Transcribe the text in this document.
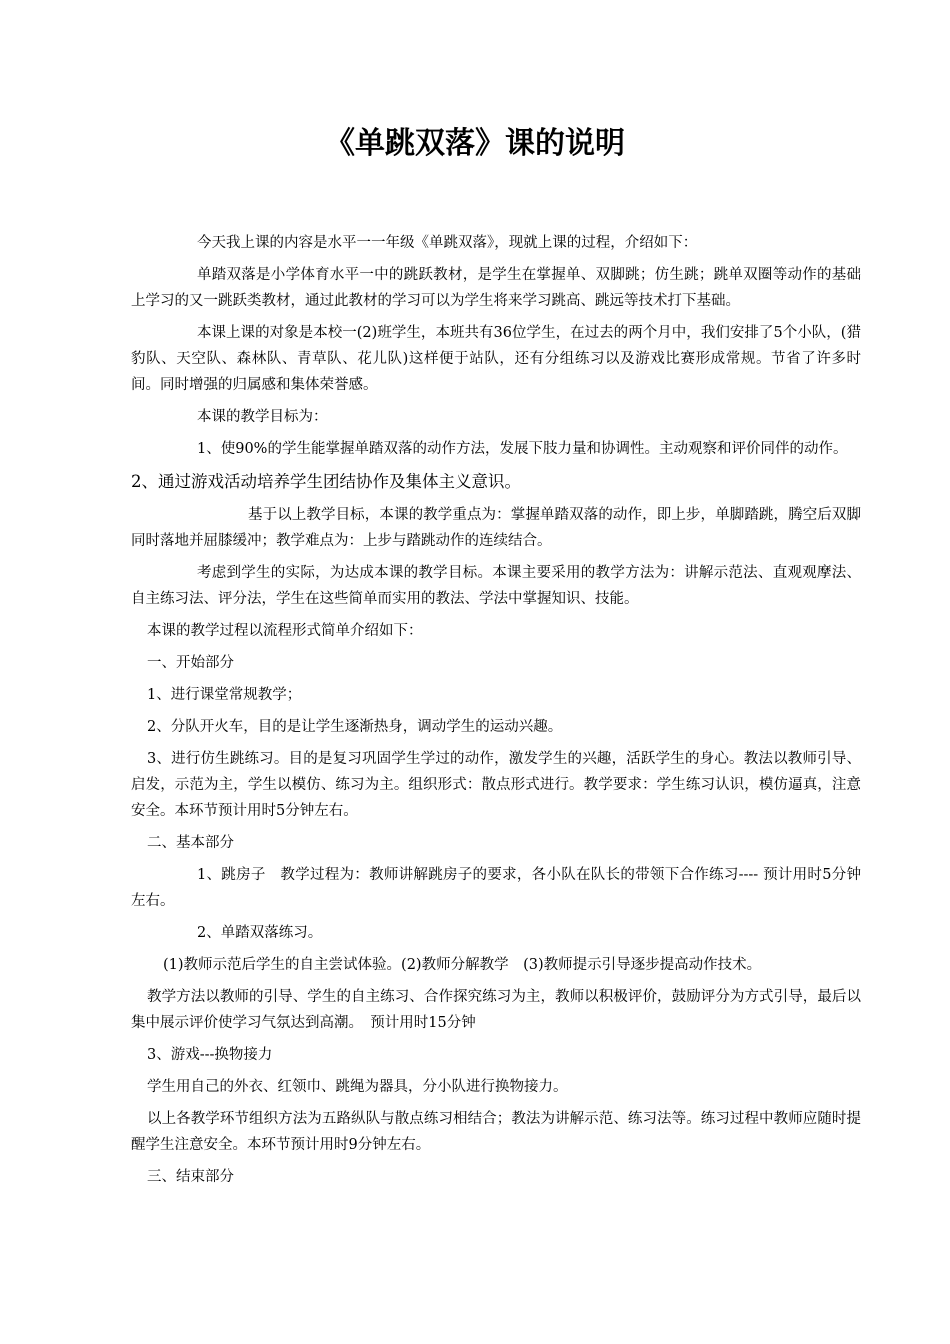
《单跳双落》课的说明

今天我上课的内容是水平一一年级《单跳双落》，现就上课的过程，介绍如下：

单踏双落是小学体育水平一中的跳跃教材，是学生在掌握单、双脚跳；仿生跳；跳单双圈等动作的基础上学习的又一跳跃类教材，通过此教材的学习可以为学生将来学习跳高、跳远等技术打下基础。

本课上课的对象是本校一(2)班学生，本班共有36位学生，在过去的两个月中，我们安排了5个小队，(猎豹队、天空队、森林队、青草队、花儿队)这样便于站队，还有分组练习以及游戏比赛形成常规。节省了许多时间。同时增强的归属感和集体荣誉感。

本课的教学目标为：

1、使90%的学生能掌握单踏双落的动作方法，发展下肢力量和协调性。主动观察和评价同伴的动作。

2、通过游戏活动培养学生团结协作及集体主义意识。

基于以上教学目标，本课的教学重点为：掌握单踏双落的动作，即上步，单脚踏跳，腾空后双脚同时落地并屈膝缓冲；教学难点为：上步与踏跳动作的连续结合。

考虑到学生的实际，为达成本课的教学目标。本课主要采用的教学方法为：讲解示范法、直观观摩法、自主练习法、评分法，学生在这些简单而实用的教法、学法中掌握知识、技能。

本课的教学过程以流程形式简单介绍如下：

一、开始部分

1、进行课堂常规教学；

2、分队开火车，目的是让学生逐渐热身，调动学生的运动兴趣。

3、进行仿生跳练习。目的是复习巩固学生学过的动作，激发学生的兴趣，活跃学生的身心。教法以教师引导、启发，示范为主，学生以模仿、练习为主。组织形式：散点形式进行。教学要求：学生练习认识，模仿逼真，注意安全。本环节预计用时5分钟左右。

二、基本部分

1、跳房子　教学过程为：教师讲解跳房子的要求，各小队在队长的带领下合作练习---- 预计用时5分钟左右。

2、单踏双落练习。

(1)教师示范后学生的自主尝试体验。(2)教师分解教学　(3)教师提示引导逐步提高动作技术。

教学方法以教师的引导、学生的自主练习、合作探究练习为主，教师以积极评价，鼓励评分为方式引导，最后以集中展示评价使学习气氛达到高潮。　预计用时15分钟

3、游戏---换物接力

学生用自己的外衣、红领巾、跳绳为器具，分小队进行换物接力。

以上各教学环节组织方法为五路纵队与散点练习相结合；教法为讲解示范、练习法等。练习过程中教师应随时提醒学生注意安全。本环节预计用时9分钟左右。

三、结束部分
